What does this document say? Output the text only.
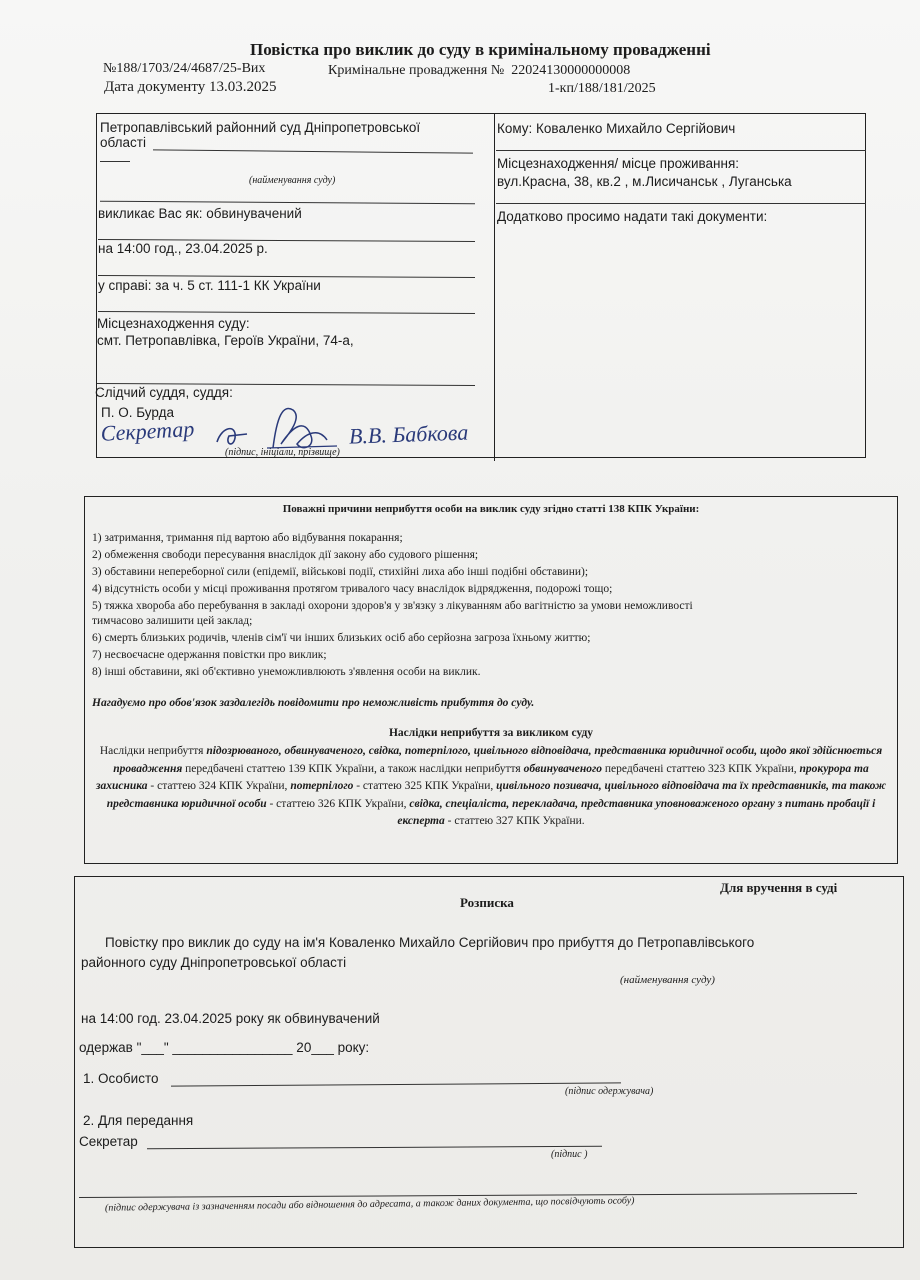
Повістка про виклик до суду в кримінальному провадженні
№188/1703/24/4687/25-Вих	Кримінальне провадження № 22024130000000008
Дата документу 13.03.2025	1-кп/188/181/2025
Петропавлівський районний суд Дніпропетровської
області
(найменування суду)
викликає Вас як: обвинувачений
на 14:00 год., 23.04.2025 р.
у справі: за ч. 5 ст. 111-1 КК України
Місцезнаходження суду:
смт. Петропавлівка, Героїв України, 74-а,
Слідчий суддя, суддя:
П. О. Бурда
(підпис, ініціали, прізвище)
Секретар	В.В. Бабкова
Кому: Коваленко Михайло Сергійович
Місцезнаходження/ місце проживання:
вул.Красна, 38, кв.2 , м.Лисичанськ , Луганська
Додатково просимо надати такі документи:
Поважні причини неприбуття особи на виклик суду згідно статті 138 КПК України:
1) затримання, тримання під вартою або відбування покарання;
2) обмеження свободи пересування внаслідок дії закону або судового рішення;
3) обставини непереборної сили (епідемії, військові події, стихійні лиха або інші подібні обставини);
4) відсутність особи у місці проживання протягом тривалого часу внаслідок відрядження, подорожі тощо;
5) тяжка хвороба або перебування в закладі охорони здоров'я у зв'язку з лікуванням або вагітністю за умови неможливості
тимчасово залишити цей заклад;
6) смерть близьких родичів, членів сім'ї чи інших близьких осіб або серйозна загроза їхньому життю;
7) несвоєчасне одержання повістки про виклик;
8) інші обставини, які об'єктивно унеможливлюють з'явлення особи на виклик.
Нагадуємо про обов'язок заздалегідь повідомити про неможливість прибуття до суду.
Наслідки неприбуття за викликом суду
Наслідки неприбуття підозрюваного, обвинуваченого, свідка, потерпілого, цивільного відповідача, представника юридичної особи, щодо якої здійснюється провадження передбачені статтею 139 КПК України, а також наслідки неприбуття обвинуваченого передбачені статтею 323 КПК України, прокурора та захисника - статтею 324 КПК України, потерпілого - статтею 325 КПК України, цивільного позивача, цивільного відповідача та їх представників, та також представника юридичної особи - статтею 326 КПК України, свідка, спеціаліста, перекладача, представника уповноваженого органу з питань пробації і експерта - статтею 327 КПК України.
Для вручення в суді
Розписка
Повістку про виклик до суду на ім'я Коваленко Михайло Сергійович про прибуття до Петропавлівського
районного суду Дніпропетровської області
(найменування суду)
на 14:00 год. 23.04.2025 року як обвинувачений
одержав "___" ________________ 20___ року:
1. Особисто
(підпис одержувача)
2. Для передання
Секретар
(підпис )
(підпис одержувача із зазначенням посади або відношення до адресата, а також даних документа, що посвідчують особу)
